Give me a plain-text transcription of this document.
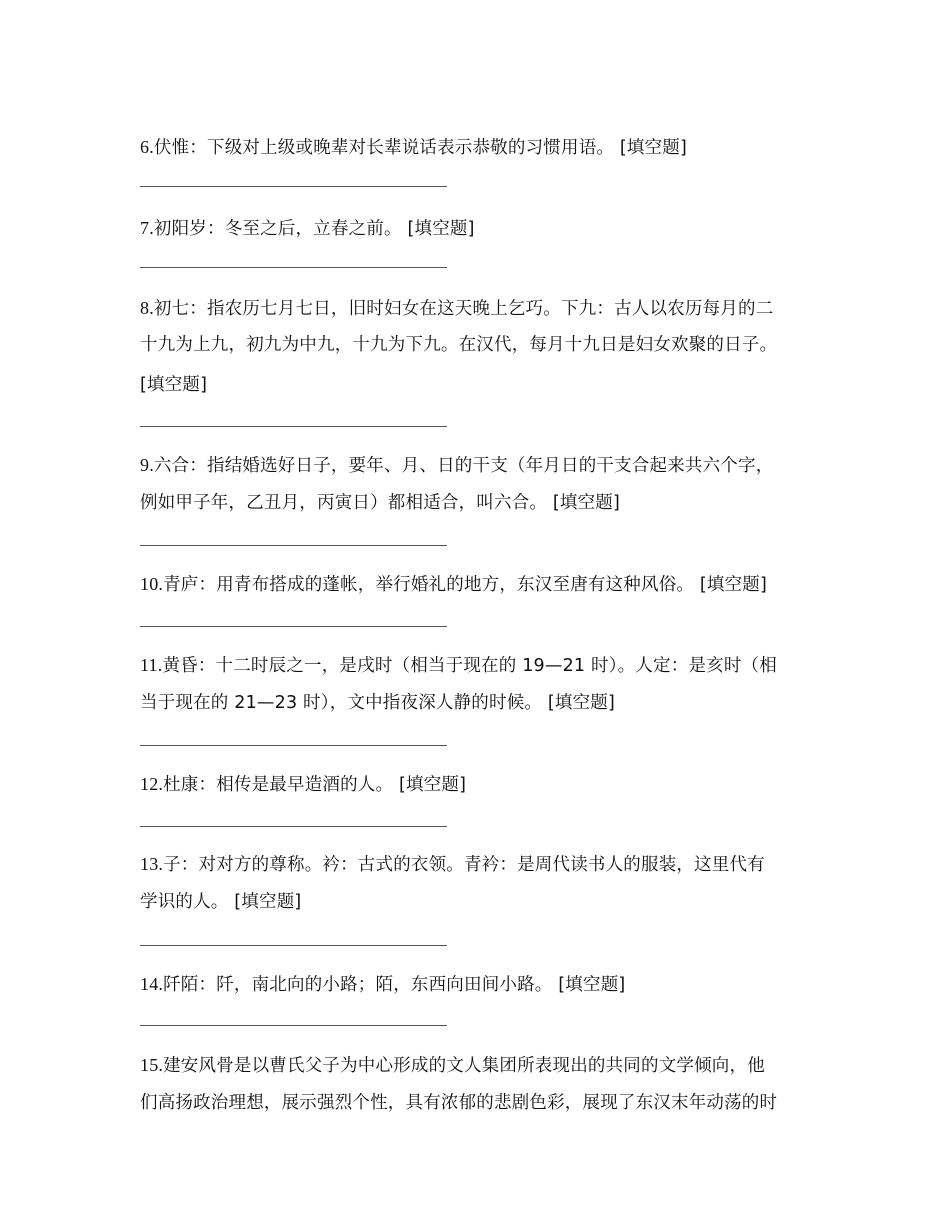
6.伏惟：下级对上级或晚辈对长辈说话表示恭敬的习惯用语。 [填空题]
7.初阳岁：冬至之后，立春之前。 [填空题]
8.初七：指农历七月七日，旧时妇女在这天晚上乞巧。下九：古人以农历每月的二
十九为上九，初九为中九，十九为下九。在汉代，每月十九日是妇女欢聚的日子。
[填空题]
9.六合：指结婚选好日子，要年、月、日的干支（年月日的干支合起来共六个字，
例如甲子年，乙丑月，丙寅日）都相适合，叫六合。 [填空题]
10.青庐：用青布搭成的蓬帐，举行婚礼的地方，东汉至唐有这种风俗。 [填空题]
11.黄昏：十二时辰之一，是戌时（相当于现在的 19—21 时）。人定：是亥时（相
当于现在的 21—23 时），文中指夜深人静的时候。 [填空题]
12.杜康：相传是最早造酒的人。 [填空题]
13.子：对对方的尊称。衿：古式的衣领。青衿：是周代读书人的服装，这里代有
学识的人。 [填空题]
14.阡陌：阡，南北向的小路；陌，东西向田间小路。 [填空题]
15.建安风骨是以曹氏父子为中心形成的文人集团所表现出的共同的文学倾向，他
们高扬政治理想，展示强烈个性，具有浓郁的悲剧色彩，展现了东汉末年动荡的时
